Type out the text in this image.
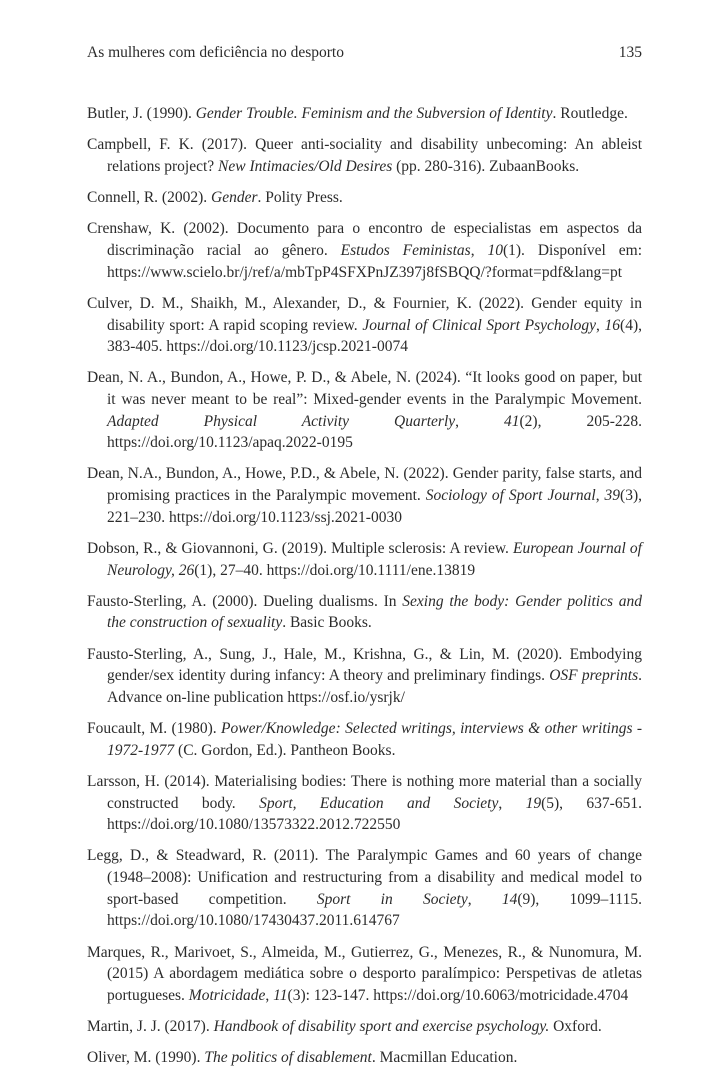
As mulheres com deficiência no desporto	135

Butler, J. (1990). Gender Trouble. Feminism and the Subversion of Identity. Routledge.

Campbell, F. K. (2017). Queer anti-sociality and disability unbecoming: An ableist relations project? New Intimacies/Old Desires (pp. 280-316). ZubaanBooks.

Connell, R. (2002). Gender. Polity Press.

Crenshaw, K. (2002). Documento para o encontro de especialistas em aspectos da discriminação racial ao gênero. Estudos Feministas, 10(1). Disponível em: https://www.scielo.br/j/ref/a/mbTpP4SFXPnJZ397j8fSBQQ/?format=pdf&lang=pt

Culver, D. M., Shaikh, M., Alexander, D., & Fournier, K. (2022). Gender equity in disability sport: A rapid scoping review. Journal of Clinical Sport Psychology, 16(4), 383-405. https://doi.org/10.1123/jcsp.2021-0074

Dean, N. A., Bundon, A., Howe, P. D., & Abele, N. (2024). “It looks good on paper, but it was never meant to be real”: Mixed-gender events in the Paralympic Movement. Adapted Physical Activity Quarterly, 41(2), 205-228. https://doi.org/10.1123/apaq.2022-0195

Dean, N.A., Bundon, A., Howe, P.D., & Abele, N. (2022). Gender parity, false starts, and promising practices in the Paralympic movement. Sociology of Sport Journal, 39(3), 221–230. https://doi.org/10.1123/ssj.2021-0030

Dobson, R., & Giovannoni, G. (2019). Multiple sclerosis: A review. European Journal of Neurology, 26(1), 27–40. https://doi.org/10.1111/ene.13819

Fausto-Sterling, A. (2000). Dueling dualisms. In Sexing the body: Gender politics and the construction of sexuality. Basic Books.

Fausto-Sterling, A., Sung, J., Hale, M., Krishna, G., & Lin, M. (2020). Embodying gender/sex identity during infancy: A theory and preliminary findings. OSF preprints. Advance on-line publication https://osf.io/ysrjk/

Foucault, M. (1980). Power/Knowledge: Selected writings, interviews & other writings - 1972-1977 (C. Gordon, Ed.). Pantheon Books.

Larsson, H. (2014). Materialising bodies: There is nothing more material than a socially constructed body. Sport, Education and Society, 19(5), 637-651. https://doi.org/10.1080/13573322.2012.722550

Legg, D., & Steadward, R. (2011). The Paralympic Games and 60 years of change (1948–2008): Unification and restructuring from a disability and medical model to sport-based competition. Sport in Society, 14(9), 1099–1115. https://doi.org/10.1080/17430437.2011.614767

Marques, R., Marivoet, S., Almeida, M., Gutierrez, G., Menezes, R., & Nunomura, M. (2015) A abordagem mediática sobre o desporto paralímpico: Perspetivas de atletas portugueses. Motricidade, 11(3): 123-147. https://doi.org/10.6063/motricidade.4704

Martin, J. J. (2017). Handbook of disability sport and exercise psychology. Oxford.

Oliver, M. (1990). The politics of disablement. Macmillan Education.
